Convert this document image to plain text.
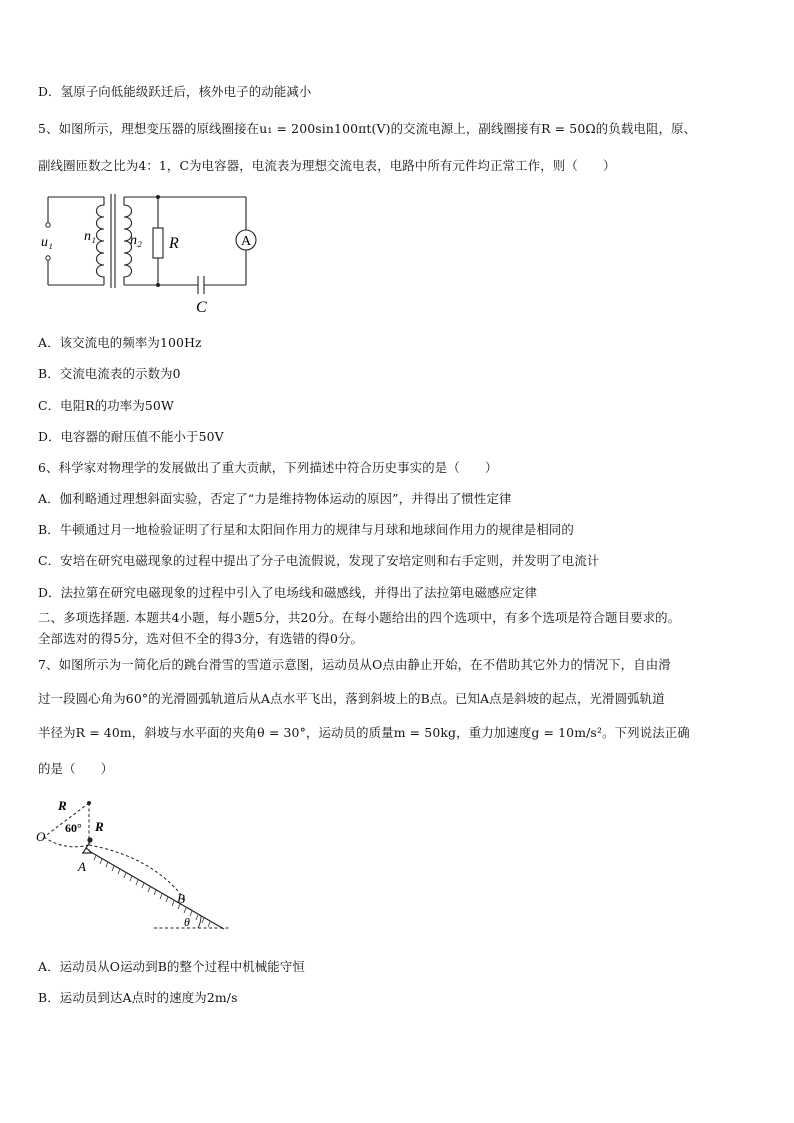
D．氢原子向低能级跃迁后，核外电子的动能减小
5、如图所示，理想变压器的原线圈接在u₁ = 200sin100πt(V)的交流电源上，副线圈接有R = 50Ω的负载电阻，原、
副线圈匝数之比为4：1，C为电容器，电流表为理想交流电表，电路中所有元件均正常工作，则（　　）
u₁ n₁ n₂ R	A
C
A．该交流电的频率为100Hz
B．交流电流表的示数为0
C．电阻R的功率为50W
D．电容器的耐压值不能小于50V
6、科学家对物理学的发展做出了重大贡献，下列描述中符合历史事实的是（　　）
A．伽利略通过理想斜面实验，否定了“力是维持物体运动的原因”，并得出了惯性定律
B．牛顿通过月一地检验证明了行星和太阳间作用力的规律与月球和地球间作用力的规律是相同的
C．安培在研究电磁现象的过程中提出了分子电流假说，发现了安培定则和右手定则，并发明了电流计
D．法拉第在研究电磁现象的过程中引入了电场线和磁感线，并得出了法拉第电磁感应定律
二、多项选择题. 本题共4小题，每小题5分，共20分。在每小题给出的四个选项中，有多个选项是符合题目要求的。
全部选对的得5分，选对但不全的得3分，有选错的得0分。
7、如图所示为一简化后的跳台滑雪的雪道示意图，运动员从O点由静止开始，在不借助其它外力的情况下，自由滑
过一段圆心角为60°的光滑圆弧轨道后从A点水平飞出，落到斜坡上的B点。已知A点是斜坡的起点，光滑圆弧轨道
半径为R = 40m，斜坡与水平面的夹角θ = 30°，运动员的质量m = 50kg，重力加速度g = 10m/s²。下列说法正确
的是（　　）
R
R
60°
O
A
B
θ
A．运动员从O运动到B的整个过程中机械能守恒
B．运动员到达A点时的速度为2m/s
